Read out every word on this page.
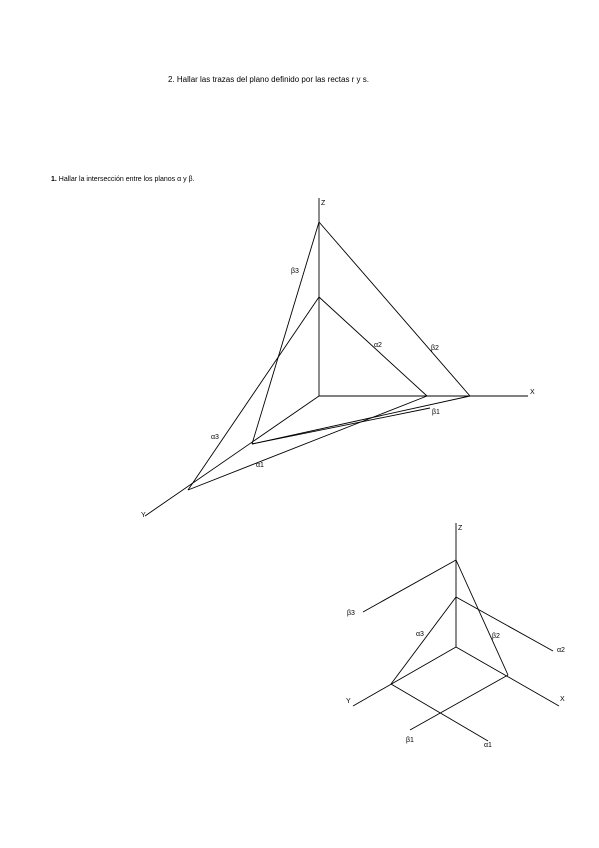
2. Hallar las trazas del plano definido por las rectas r y s.
1. Hallar la intersección entre los planos α y β.
Z
X
Y
β3
α2	β2
β1
α3
α1
Z
X
Y
β3
α3	β2
α2
β1
α1
